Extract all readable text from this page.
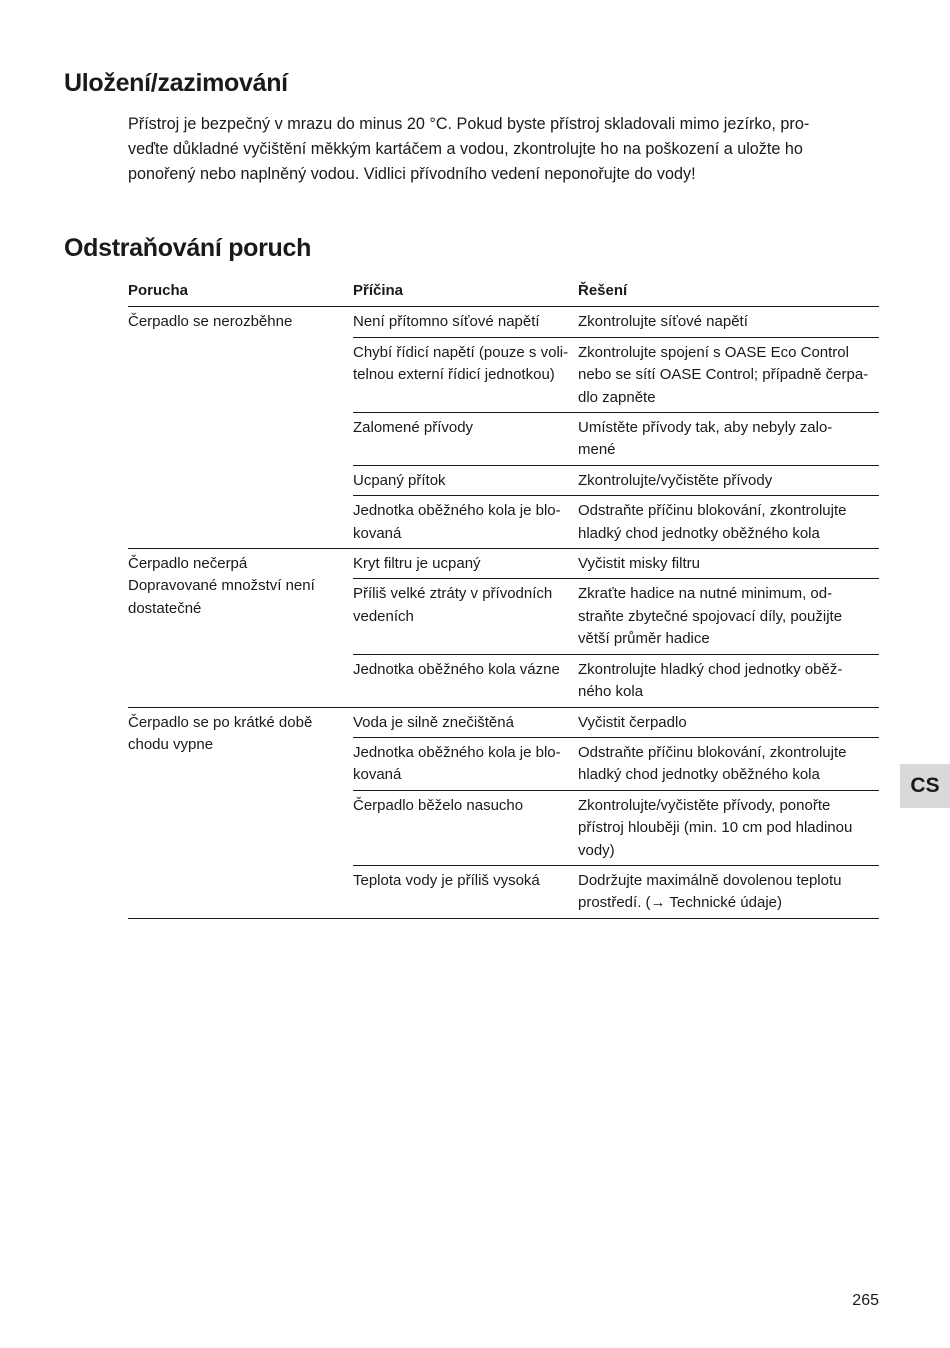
Uložení/zazimování

Přístroj je bezpečný v mrazu do minus 20 °C. Pokud byste přístroj skladovali mimo jezírko, pro-
veďte důkladné vyčištění měkkým kartáčem a vodou, zkontrolujte ho na poškození a uložte ho
ponořený nebo naplněný vodou. Vidlici přívodního vedení neponořujte do vody!

Odstraňování poruch
Porucha	Příčina	Řešení

Čerpadlo se nerozběhne	Není přítomno síťové napětí	Zkontrolujte síťové napětí

	Chybí řídicí napětí (pouze s voli-
telnou externí řídicí jednotkou)	Zkontrolujte spojení s OASE Eco Control
nebo se sítí OASE Control; případně čerpa-
dlo zapněte

	Zalomené přívody	Umístěte přívody tak, aby nebyly zalo-
mené

	Ucpaný přítok	Zkontrolujte/vyčistěte přívody

	Jednotka oběžného kola je blo-
kovaná	Odstraňte příčinu blokování, zkontrolujte
hladký chod jednotky oběžného kola

Čerpadlo nečerpá
Dopravované množství není
dostatečné	Kryt filtru je ucpaný	Vyčistit misky filtru

	Příliš velké ztráty v přívodních
vedeních	Zkraťte hadice na nutné minimum, od-
straňte zbytečné spojovací díly, použijte
větší průměr hadice

	Jednotka oběžného kola vázne	Zkontrolujte hladký chod jednotky oběž-
ného kola

Čerpadlo se po krátké době
chodu vypne	Voda je silně znečištěná	Vyčistit čerpadlo

	Jednotka oběžného kola je blo-
kovaná	Odstraňte příčinu blokování, zkontrolujte
hladký chod jednotky oběžného kola

	Čerpadlo běželo nasucho	Zkontrolujte/vyčistěte přívody, ponořte
přístroj hlouběji (min. 10 cm pod hladinou
vody)

	Teplota vody je příliš vysoká	Dodržujte maximálně dovolenou teplotu
prostředí. (→ Technické údaje)
CS
265
